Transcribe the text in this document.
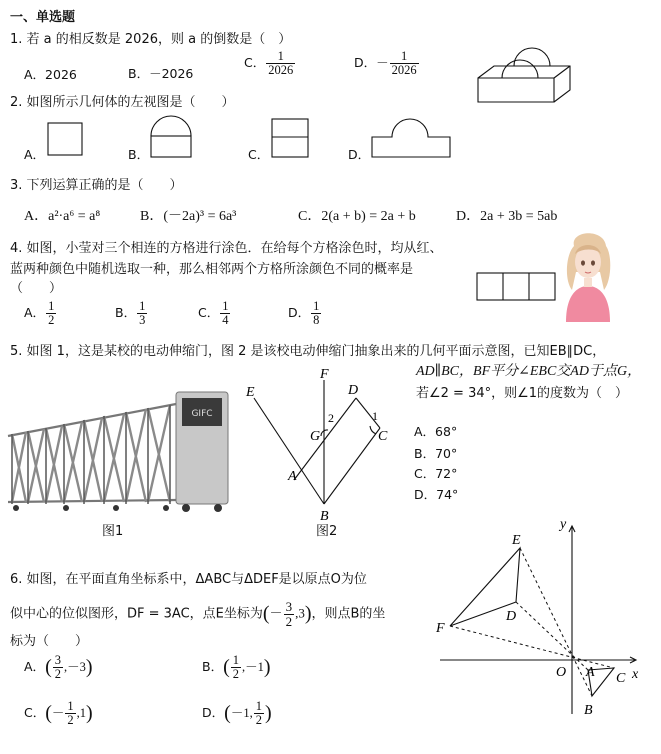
一、单选题
1. 若 a 的相反数是 2026，则 a 的倒数是（　）
A．2026	B．－2026
C． $\frac{1}{2026}$	D．－ $\frac{1}{2026}$
2. 如图所示几何体的左视图是（　　）
A．	B．	C．	D．
3. 下列运算正确的是（　　）
A．a²·a⁶ = a⁸	B．(－2a)³ = 6a³	C．2(a + b) = 2a + b	D．2a + 3b = 5ab
4. 如图，小莹对三个相连的方格进行涂色．在给每个方格涂色时，均从红、
蓝两种颜色中随机选取一种，那么相邻两个方格所涂颜色不同的概率是
（　　）
A． $\frac{1}{2}$	B． $\frac{1}{3}$	C． $\frac{1}{4}$	D． $\frac{1}{8}$
5. 如图 1，这是某校的电动伸缩门，图 2 是该校电动伸缩门抽象出来的几何平面示意图，已知EB∥DC，
AD∥BC，BF平分∠EBC交AD于点G，
若∠2 = 34°，则∠1的度数为（　）
A．68°
B．70°
C．72°
D．74°
GIFC
图1
E
F
D
G
A
B
C
2	1
图2
6. 如图，在平面直角坐标系中，ΔABC与ΔDEF是以原点O为位
似中心的位似图形，DF = 3AC，点E坐标为(－ $\frac{3}{2} ,3$)，则点B的坐
标为（　　）
A．( $\frac{3}{2} ,-3$)	B．( $\frac{1}{2} ,-1$)
C．(－ $\frac{1}{2} ,1$)	D．(－1, $\frac{1}{2}$ )
y
x
O
E
D
F
A
B
C
